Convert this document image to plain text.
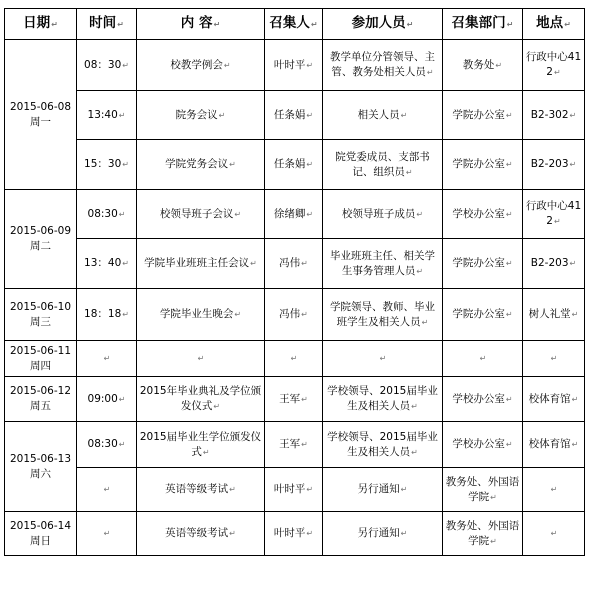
日期↵	时间↵	内 容↵	召集人↵	参加人员↵	召集部门↵	地点↵

2015-06-08
周一	08：30↵	校教学例会↵	叶时平↵	教学单位分管领导、主管、教务处相关人员↵	教务处↵	行政中心412↵
	13:40↵	院务会议↵	任条娟↵	相关人员↵	学院办公室↵	B2-302↵
	15：30↵	学院党务会议↵	任条娟↵	院党委成员、支部书记、组织员↵	学院办公室↵	B2-203↵

2015-06-09
周二	08:30↵	校领导班子会议↵	徐绪卿↵	校领导班子成员↵	学校办公室↵	行政中心412↵
	13：40↵	学院毕业班班主任会议↵	冯伟↵	毕业班班主任、相关学生事务管理人员↵	学院办公室↵	B2-203↵

2015-06-10
周三	18：18↵	学院毕业生晚会↵	冯伟↵	学院领导、教师、毕业班学生及相关人员↵	学院办公室↵	树人礼堂↵

2015-06-11
周四	↵	↵	↵	↵	↵	↵

2015-06-12
周五	09:00↵	2015年毕业典礼及学位颁发仪式↵	王军↵	学校领导、2015届毕业生及相关人员↵	学校办公室↵	校体育馆↵

2015-06-13
周六	08:30↵	2015届毕业生学位颁发仪式↵	王军↵	学校领导、2015届毕业生及相关人员↵	学校办公室↵	校体育馆↵
	↵	英语等级考试↵	叶时平↵	另行通知↵	教务处、外国语学院↵	↵

2015-06-14
周日	↵	英语等级考试↵	叶时平↵	另行通知↵	教务处、外国语学院↵	↵
